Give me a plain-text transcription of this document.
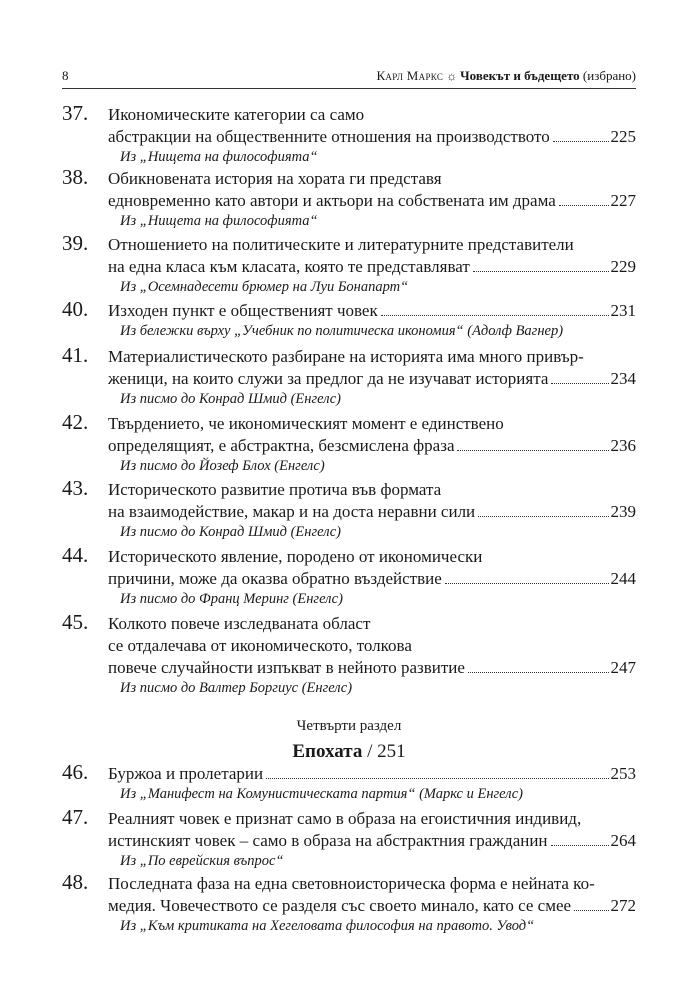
8	Карл Маркс ☼ Човекът и бъдещето (избрано)
37. Икономическите категории са само
абстракции на общественните отношения на производството	225
Из „Нищета на философията“
38. Обикновената история на хората ги представя
едновременно като автори и актьори на собствената им драма	227
Из „Нищета на философията“
39. Отношението на политическите и литературните представители
на една класа към класата, която те представляват	229
Из „Осемнадесети брюмер на Луи Бонапарт“
40. Изходен пункт е общественият човек	231
Из бележки върху „Учебник по политическа икономия“ (Адолф Вагнер)
41. Материалистическото разбиране на историята има много привър-
женици, на които служи за предлог да не изучават историята	234
Из писмо до Конрад Шмид (Енгелс)
42. Твърдението, че икономическият момент е единствено
определящият, е абстрактна, безсмислена фраза	236
Из писмо до Йозеф Блох (Енгелс)
43. Историческото развитие протича във формата
на взаимодействие, макар и на доста неравни сили	239
Из писмо до Конрад Шмид (Енгелс)
44. Историческото явление, породено от икономически
причини, може да оказва обратно въздействие	244
Из писмо до Франц Меринг (Енгелс)
45. Колкото повече изследваната област
се отдалечава от икономическото, толкова
повече случайности изпъкват в нейното развитие	247
Из писмо до Валтер Боргиус (Енгелс)
Четвърти раздел
Епохата / 251
46. Буржоа и пролетарии	253
Из „Манифест на Комунистическата партия“ (Маркс и Енгелс)
47. Реалният човек е признат само в образа на егоистичния индивид,
истинският човек – само в образа на абстрактния гражданин	264
Из „По еврейския въпрос“
48. Последната фаза на една световноисторическа форма е нейната ко-
медия. Човечеството се разделя със своето минало, като се смее 272
Из „Към критиката на Хегеловата философия на правото. Увод“
